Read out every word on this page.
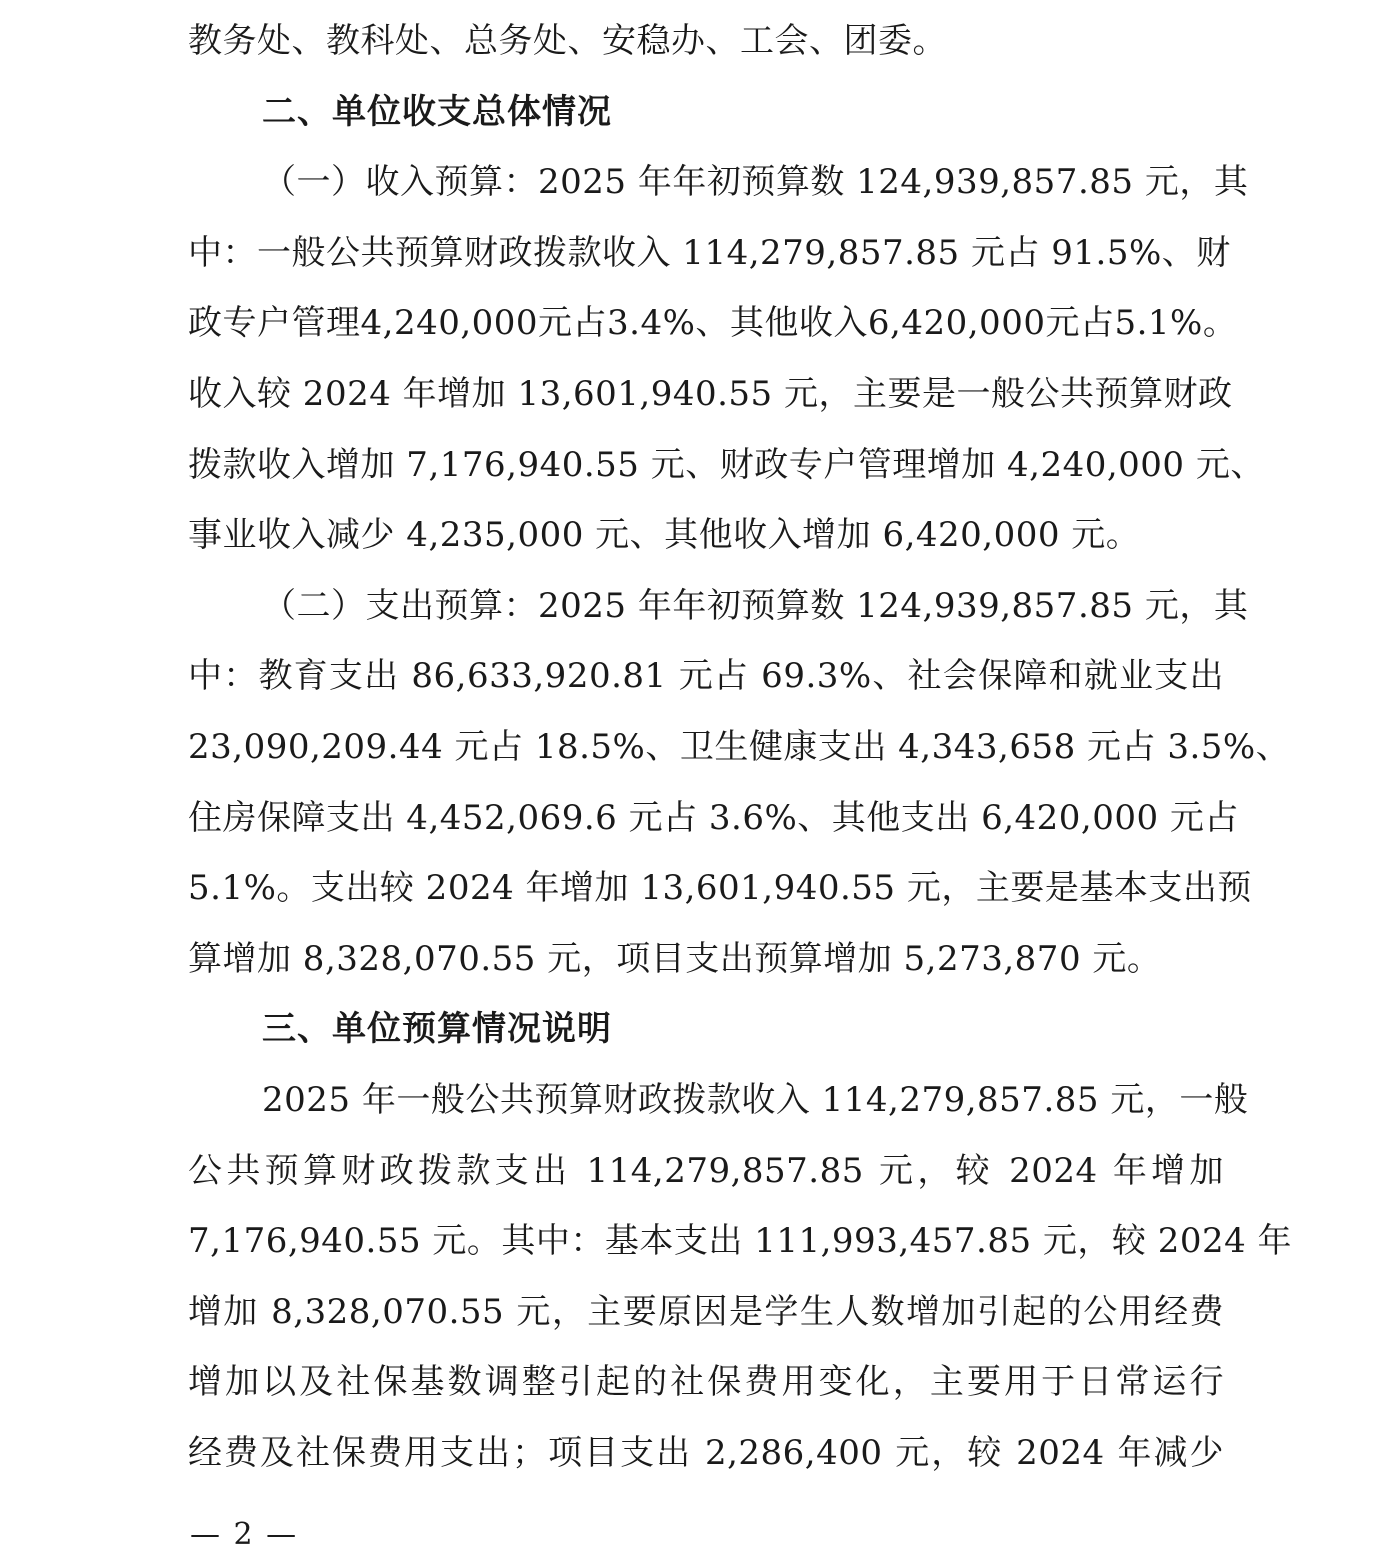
教务处、教科处、总务处、安稳办、工会、团委。
二、单位收支总体情况
（一）收入预算：2025 年年初预算数 124,939,857.85 元，其
中：一般公共预算财政拨款收入 114,279,857.85 元占 91.5%、财
政专户管理4,240,000元占3.4%、其他收入6,420,000元占5.1%。
收入较 2024 年增加 13,601,940.55 元，主要是一般公共预算财政
拨款收入增加 7,176,940.55 元、财政专户管理增加 4,240,000 元、
事业收入减少 4,235,000 元、其他收入增加 6,420,000 元。
（二）支出预算：2025 年年初预算数 124,939,857.85 元，其
中：教育支出 86,633,920.81 元占 69.3%、社会保障和就业支出
23,090,209.44 元占 18.5%、卫生健康支出 4,343,658 元占 3.5%、
住房保障支出 4,452,069.6 元占 3.6%、其他支出 6,420,000 元占
5.1%。支出较 2024 年增加 13,601,940.55 元，主要是基本支出预
算增加 8,328,070.55 元，项目支出预算增加 5,273,870 元。
三、单位预算情况说明
2025 年一般公共预算财政拨款收入 114,279,857.85 元，一般
公共预算财政拨款支出 114,279,857.85 元，较 2024 年增加
7,176,940.55 元。其中：基本支出 111,993,457.85 元，较 2024 年
增加 8,328,070.55 元，主要原因是学生人数增加引起的公用经费
增加以及社保基数调整引起的社保费用变化，主要用于日常运行
经费及社保费用支出；项目支出 2,286,400 元，较 2024 年减少
— 2 —
